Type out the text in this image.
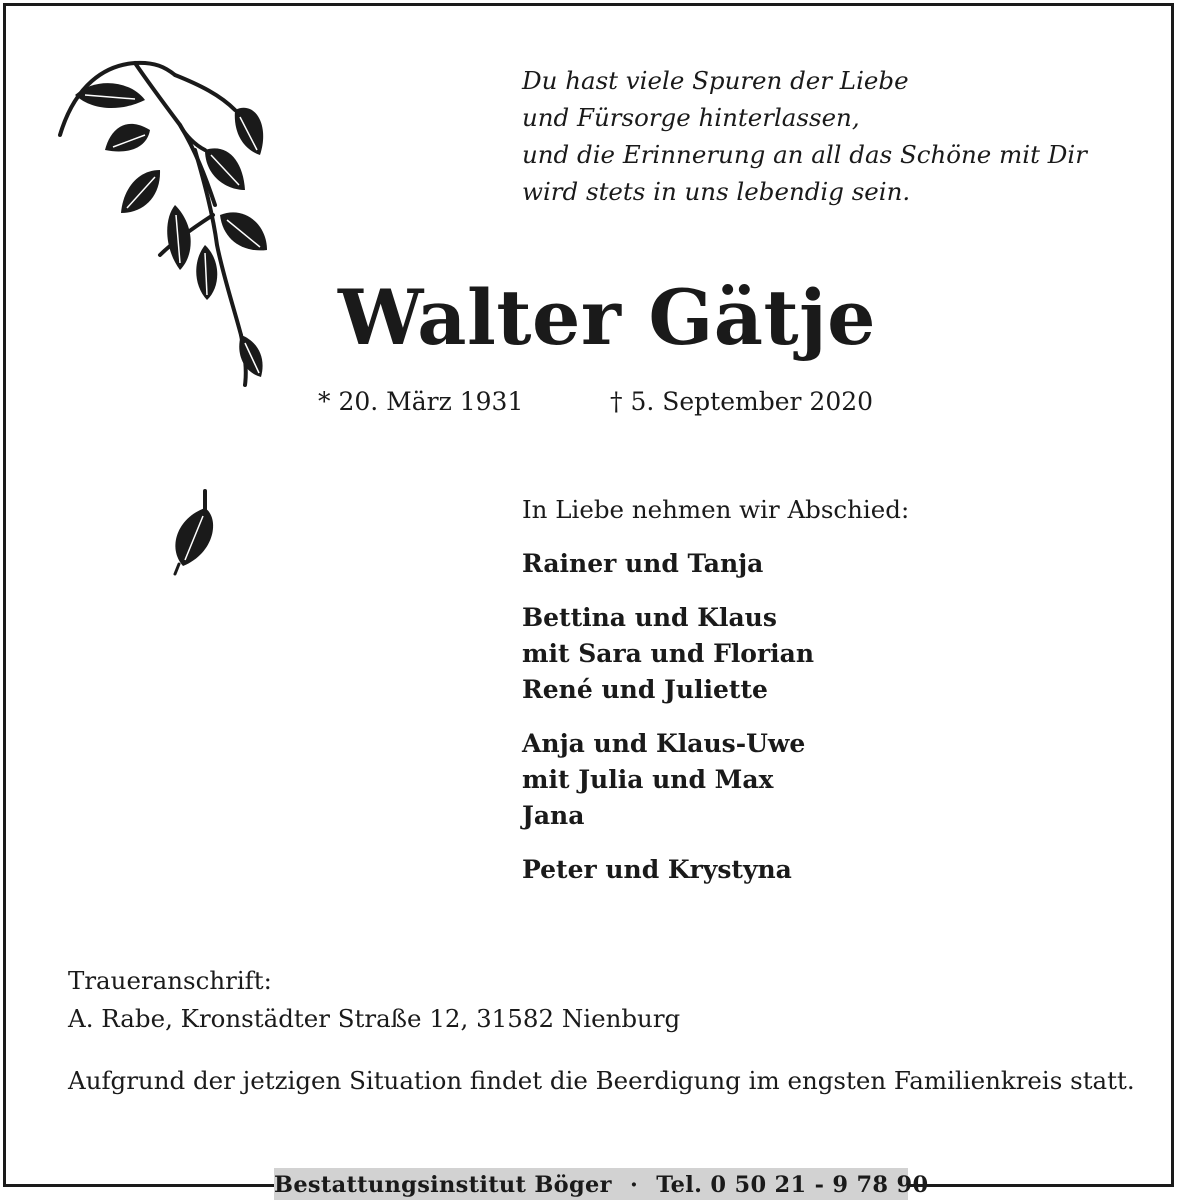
Du hast viele Spuren der Liebe
und Fürsorge hinterlassen,
und die Erinnerung an all das Schöne mit Dir
wird stets in uns lebendig sein.
Walter Gätje
* 20. März 1931	† 5. September 2020
In Liebe nehmen wir Abschied:
Rainer und Tanja
Bettina und Klaus
mit Sara und Florian
René und Juliette
Anja und Klaus-Uwe
mit Julia und Max
Jana
Peter und Krystyna
Traueranschrift:
A. Rabe, Kronstädter Straße 12, 31582 Nienburg
Aufgrund der jetzigen Situation findet die Beerdigung im engsten Familienkreis statt.
Bestattungsinstitut Böger · Tel. 0 50 21 - 9 78 90
